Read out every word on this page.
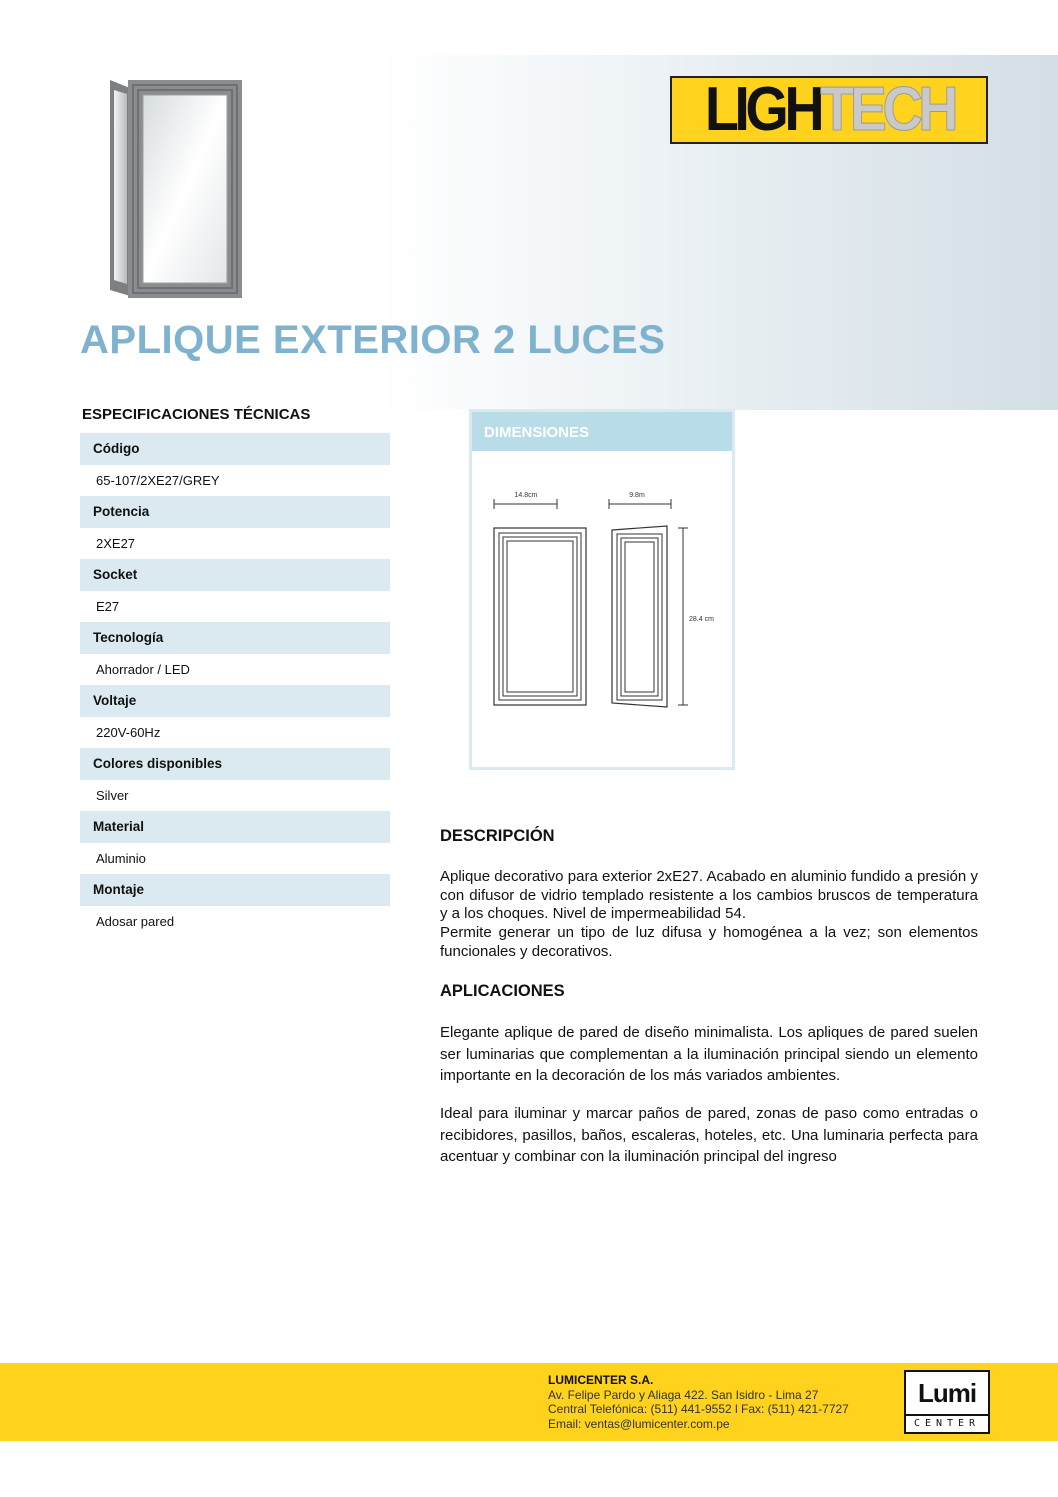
LIGH TECH
APLIQUE EXTERIOR 2 LUCES
ESPECIFICACIONES TÉCNICAS
Código
65-107/2XE27/GREY
Potencia
2XE27
Socket
E27
Tecnología
Ahorrador / LED
Voltaje
220V-60Hz
Colores disponibles
Silver
Material
Aluminio
Montaje
Adosar pared
DIMENSIONES
14.8cm	9.8m
28.4 cm
DESCRIPCIÓN

Aplique decorativo para exterior 2xE27. Acabado en aluminio fundido a presión y con difusor de vidrio templado resistente a los cambios bruscos de temperatura y a los choques. Nivel de impermeabilidad 54.

Permite generar un tipo de luz difusa y homogénea a la vez; son elementos funcionales y decorativos.

APLICACIONES

Elegante aplique de pared de diseño minimalista. Los apliques de pared suelen ser luminarias que complementan a la iluminación principal siendo un elemento importante en la decoración de los más variados ambientes.

Ideal para iluminar y marcar paños de pared, zonas de paso como entradas o recibidores, pasillos, baños, escaleras, hoteles, etc. Una luminaria perfecta para acentuar y combinar con la iluminación principal del ingreso

LUMICENTER S.A.
Av. Felipe Pardo y Aliaga 422. San Isidro - Lima 27
Central Telefónica: (511) 441-9552 l Fax: (511) 421-7727
Email: ventas@lumicenter.com.pe
Lumi
CENTER
